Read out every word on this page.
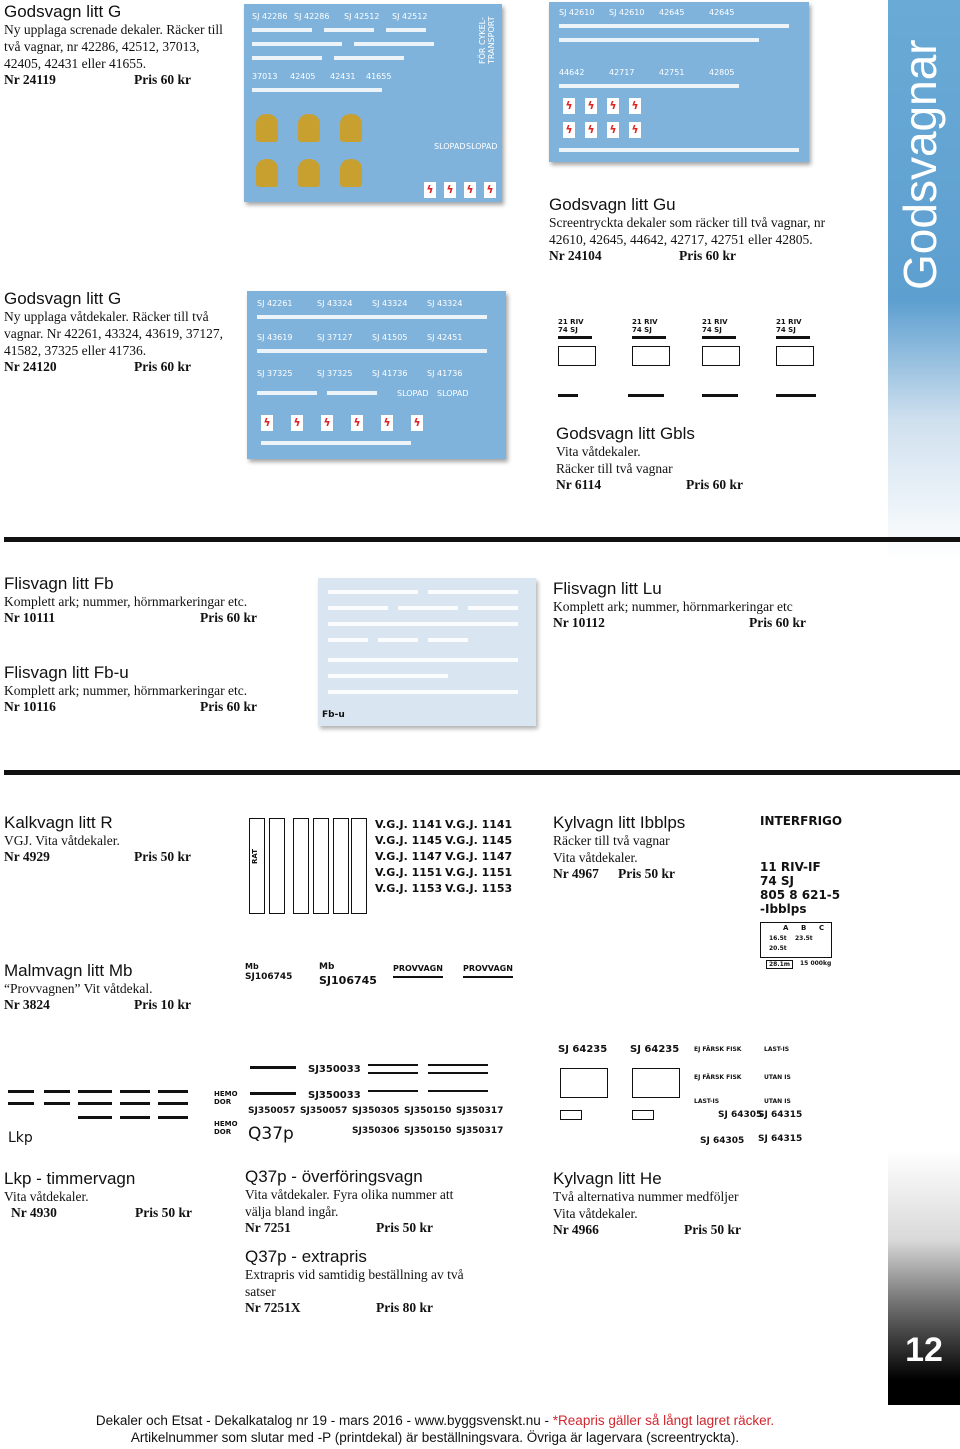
Godsvagnar
12
Godsvagn litt G
Ny upplaga screnade dekaler. Räcker till två vagnar, nr 42286, 42512, 37013, 42405, 42431 eller 41655.
Nr 24119	Pris 60 kr
SJ 42286 SJ 42286 SJ 42512 SJ 42512
37013 42405 42431 41655
FÖR CYKEL-TRANSPORT
SLOPAD SLOPAD
ϟ ϟ ϟ ϟ
Godsvagn litt G
Ny upplaga våtdekaler. Räcker till två vagnar. Nr 42261, 43324, 43619, 37127, 41582, 37325 eller 41736.
Nr 24120	Pris 60 kr
SJ 42261	SJ 43324 SJ 43324 SJ 43324
SJ 43619	SJ 37127 SJ 41505 SJ 42451
SJ 37325	SJ 37325 SJ 41736 SJ 41736
SLOPAD SLOPAD
ϟ ϟ ϟ ϟ ϟ ϟ
SJ 42610 SJ 42610 42645	42645
44642	42717	42751	42805
ϟ ϟ ϟ ϟ
ϟ ϟ ϟ ϟ
Godsvagn litt Gu
Screentryckta dekaler som räcker till två vagnar, nr 42610, 42645, 44642, 42717, 42751 eller 42805.
Nr 24104	Pris 60 kr
21 RIV
74 SJ
21 RIV
74 SJ
21 RIV
74 SJ
21 RIV
74 SJ
Godsvagn litt Gbls
Vita våtdekaler.
Räcker till två vagnar
Nr 6114	Pris 60 kr
Flisvagn litt Fb
Komplett ark; nummer, hörnmarkeringar etc.
Nr 10111	Pris 60 kr
Flisvagn litt Fb-u
Komplett ark; nummer, hörnmarkeringar etc.
Nr 10116	Pris 60 kr
Fb-u
Flisvagn litt Lu
Komplett ark; nummer, hörnmarkeringar etc
Nr 10112	Pris 60 kr
Kalkvagn litt R
VGJ. Vita våtdekaler.
Nr 4929	Pris 50 kr	RAT
V.G.J. 1141 V.G.J. 1141
V.G.J. 1145 V.G.J. 1145
V.G.J. 1147 V.G.J. 1147
V.G.J. 1151 V.G.J. 1151
V.G.J. 1153 V.G.J. 1153
Kylvagn litt Ibblps
Räcker till två vagnar
Vita våtdekaler.
Nr 4967 Pris 50 kr
INTERFRIGO
11 RIV-IF
74 SJ
805 8 621-5
-Ibblps
A B C
16.5t 23.5t
20.5t
28.1m	15 000kg
Malmvagn litt Mb
“Provvagnen” Vit våtdekal.
Nr 3824	Pris 10 kr
Mb
SJ106745
Mb
SJ106745
PROVVAGN	PROVVAGN
HEMO
DOR
HEMO
DOR
Lkp
SJ350033
SJ350033
SJ350057 SJ350057 SJ350305 SJ350150 SJ350317
SJ350306 SJ350150 SJ350317
Q37p
SJ 64235 SJ 64235 EJ FÄRSK FISK	LAST-IS
EJ FÄRSK FISK	UTAN IS
LAST-IS	UTAN IS
SJ 64305
SJ 64315
SJ 64305 SJ 64315
Lkp - timmervagn
Vita våtdekaler.
Nr 4930	Pris 50 kr
Q37p - överföringsvagn
Vita våtdekaler. Fyra olika nummer att välja bland ingår.
Nr 7251	Pris 50 kr
Q37p - extrapris
Extrapris vid samtidig beställning av två satser
Nr 7251X	Pris 80 kr
Kylvagn litt He
Två alternativa nummer medföljer
Vita våtdekaler.
Nr 4966	Pris 50 kr
Dekaler och Etsat - Dekalkatalog nr 19 - mars 2016 - www.byggsvenskt.nu - *Reapris gäller så långt lagret räcker.
Artikelnummer som slutar med -P (printdekal) är beställningsvara. Övriga är lagervara (screentryckta).
